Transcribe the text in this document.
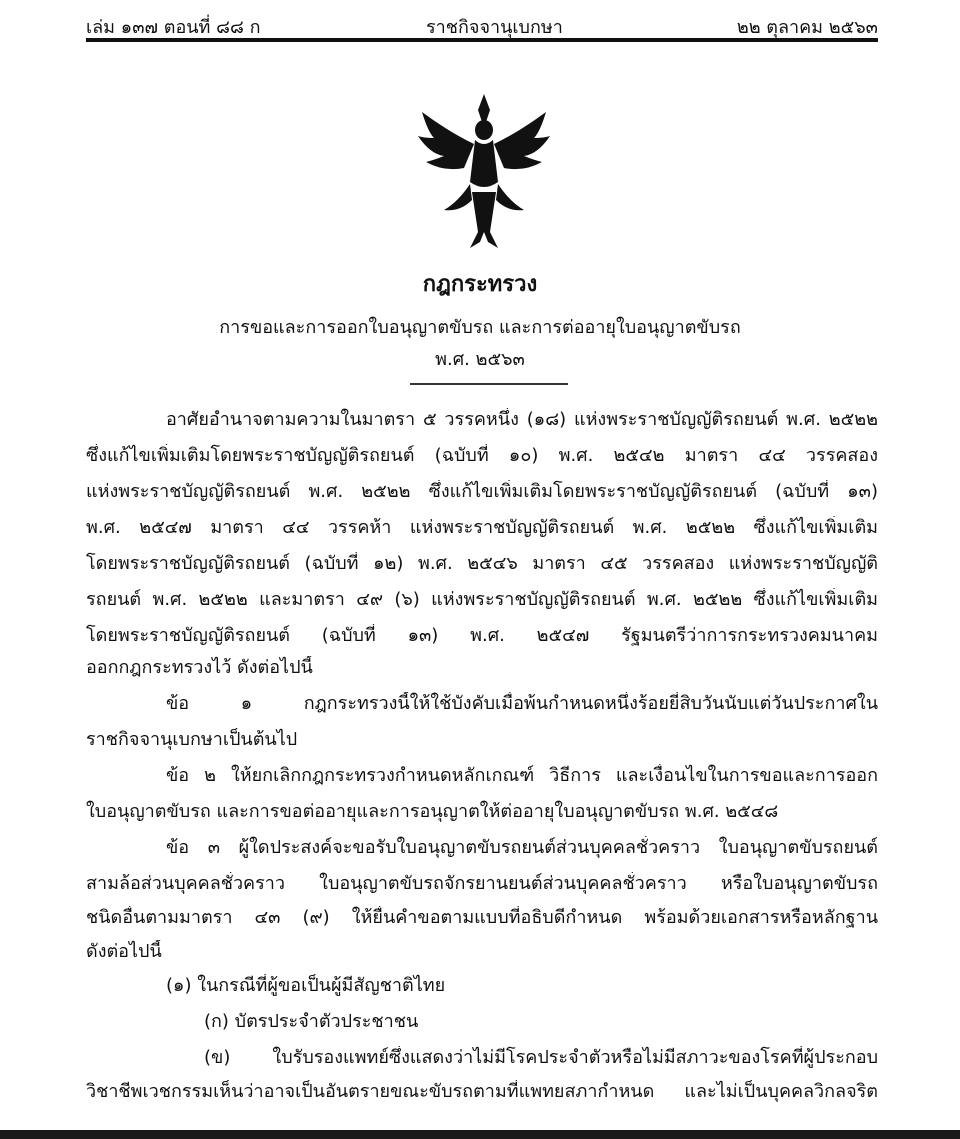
เล่ม ๑๓๗ ตอนที่ ๘๘ ก	ราชกิจจานุเบกษา	๒๒ ตุลาคม ๒๕๖๓
กฎกระทรวง
การขอและการออกใบอนุญาตขับรถ และการต่ออายุใบอนุญาตขับรถ
พ.ศ. ๒๕๖๓
อาศัยอำนาจตามความในมาตรา ๕ วรรคหนึ่ง (๑๘) แห่งพระราชบัญญัติรถยนต์ พ.ศ. ๒๕๒๒
ซึ่งแก้ไขเพิ่มเติมโดยพระราชบัญญัติรถยนต์ (ฉบับที่ ๑๐) พ.ศ. ๒๕๔๒ มาตรา ๔๔ วรรคสอง
แห่งพระราชบัญญัติรถยนต์ พ.ศ. ๒๕๒๒ ซึ่งแก้ไขเพิ่มเติมโดยพระราชบัญญัติรถยนต์ (ฉบับที่ ๑๓)
พ.ศ. ๒๕๔๗ มาตรา ๔๔ วรรคห้า แห่งพระราชบัญญัติรถยนต์ พ.ศ. ๒๕๒๒ ซึ่งแก้ไขเพิ่มเติม
โดยพระราชบัญญัติรถยนต์ (ฉบับที่ ๑๒) พ.ศ. ๒๕๔๖ มาตรา ๔๕ วรรคสอง แห่งพระราชบัญญัติ
รถยนต์ พ.ศ. ๒๕๒๒ และมาตรา ๔๙ (๖) แห่งพระราชบัญญัติรถยนต์ พ.ศ. ๒๕๒๒ ซึ่งแก้ไขเพิ่มเติม
โดยพระราชบัญญัติรถยนต์ (ฉบับที่ ๑๓) พ.ศ. ๒๕๔๗ รัฐมนตรีว่าการกระทรวงคมนาคม
ออกกฎกระทรวงไว้ ดังต่อไปนี้
ข้อ ๑ กฎกระทรวงนี้ให้ใช้บังคับเมื่อพ้นกำหนดหนึ่งร้อยยี่สิบวันนับแต่วันประกาศใน
ราชกิจจานุเบกษาเป็นต้นไป
ข้อ ๒ ให้ยกเลิกกฎกระทรวงกำหนดหลักเกณฑ์ วิธีการ และเงื่อนไขในการขอและการออก
ใบอนุญาตขับรถ และการขอต่ออายุและการอนุญาตให้ต่ออายุใบอนุญาตขับรถ พ.ศ. ๒๕๔๘
ข้อ ๓ ผู้ใดประสงค์จะขอรับใบอนุญาตขับรถยนต์ส่วนบุคคลชั่วคราว ใบอนุญาตขับรถยนต์
สามล้อส่วนบุคคลชั่วคราว ใบอนุญาตขับรถจักรยานยนต์ส่วนบุคคลชั่วคราว หรือใบอนุญาตขับรถ
ชนิดอื่นตามมาตรา ๔๓ (๙) ให้ยื่นคำขอตามแบบที่อธิบดีกำหนด พร้อมด้วยเอกสารหรือหลักฐาน
ดังต่อไปนี้
(๑) ในกรณีที่ผู้ขอเป็นผู้มีสัญชาติไทย
(ก) บัตรประจำตัวประชาชน
(ข) ใบรับรองแพทย์ซึ่งแสดงว่าไม่มีโรคประจำตัวหรือไม่มีสภาวะของโรคที่ผู้ประกอบ
วิชาชีพเวชกรรมเห็นว่าอาจเป็นอันตรายขณะขับรถตามที่แพทยสภากำหนด และไม่เป็นบุคคลวิกลจริต
